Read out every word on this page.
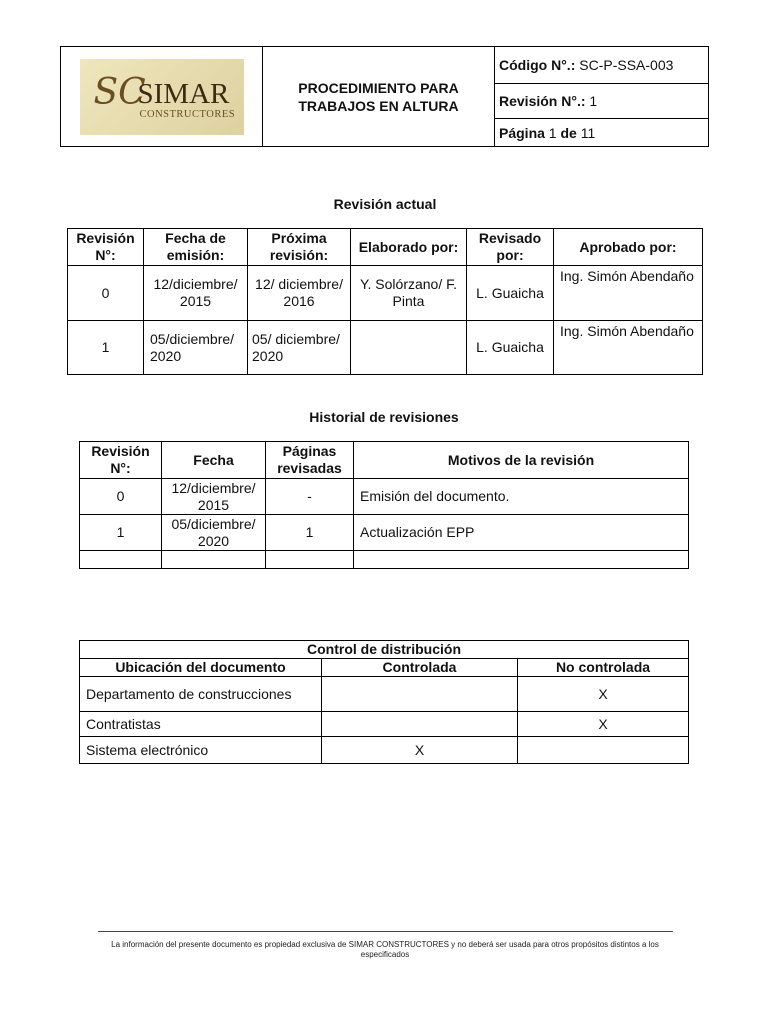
SC
SIMAR
CONSTRUCTORES

PROCEDIMIENTO PARA
TRABAJOS EN ALTURA
	Código N°.: SC-P-SSA-003
Revisión N°.: 1
Página 1 de 11
Revisión actual
Revisión N°:	Fecha de emisión:	Próxima revisión:	Elaborado por:	Revisado por:	Aprobado por:
0	12/diciembre/ 2015	12/ diciembre/ 2016	Y. Solórzano/ F. Pinta	L. Guaicha	Ing. Simón Abendaño
1	05/diciembre/ 2020	05/ diciembre/ 2020		L. Guaicha	Ing. Simón Abendaño
Historial de revisiones
Revisión N°:	Fecha	Páginas revisadas	Motivos de la revisión
0	12/diciembre/ 2015	-	Emisión del documento.
1	05/diciembre/ 2020	1	Actualización EPP

Control de distribución		
Ubicación del documento	Controlada	No controlada
Departamento de construcciones		X
Contratistas		X
Sistema electrónico	X	
La información del presente documento es propiedad exclusiva de SIMAR CONSTRUCTORES y no deberá ser usada para otros propósitos distintos a los especificados
